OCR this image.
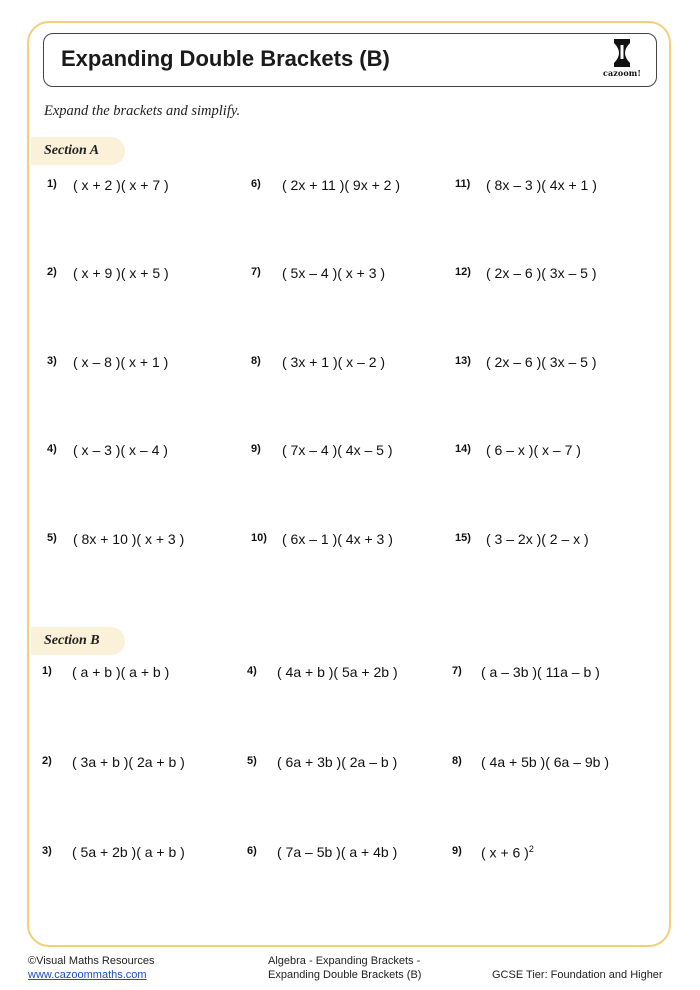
Expanding Double Brackets (B)
cazoom!
Expand the brackets and simplify.
Section A
1) ( x + 2 )( x + 7 )
2) ( x + 9 )( x + 5 )
3) ( x – 8 )( x + 1 )
4) ( x – 3 )( x – 4 )
5) ( 8x + 10 )( x + 3 )
6) ( 2x + 11 )( 9x + 2 )
7) ( 5x – 4 )( x + 3 )
8) ( 3x + 1 )( x – 2 )
9) ( 7x – 4 )( 4x – 5 )
10) ( 6x – 1 )( 4x + 3 )
11) ( 8x – 3 )( 4x + 1 )
12) ( 2x – 6 )( 3x – 5 )
13) ( 2x – 6 )( 3x – 5 )
14) ( 6 – x )( x – 7 )
15) ( 3 – 2x )( 2 – x )
Section B
1) ( a + b )( a + b )
2) ( 3a + b )( 2a + b )
3) ( 5a + 2b )( a + b )
4) ( 4a + b )( 5a + 2b )
5) ( 6a + 3b )( 2a – b )
6) ( 7a – 5b )( a + 4b )
7) ( a – 3b )( 11a – b )
8) ( 4a + 5b )( 6a – 9b )
9) ( x + 6 )$^2$
©Visual Maths Resources
www.cazoommaths.com
Algebra - Expanding Brackets -
Expanding Double Brackets (B)	GCSE Tier: Foundation and Higher
